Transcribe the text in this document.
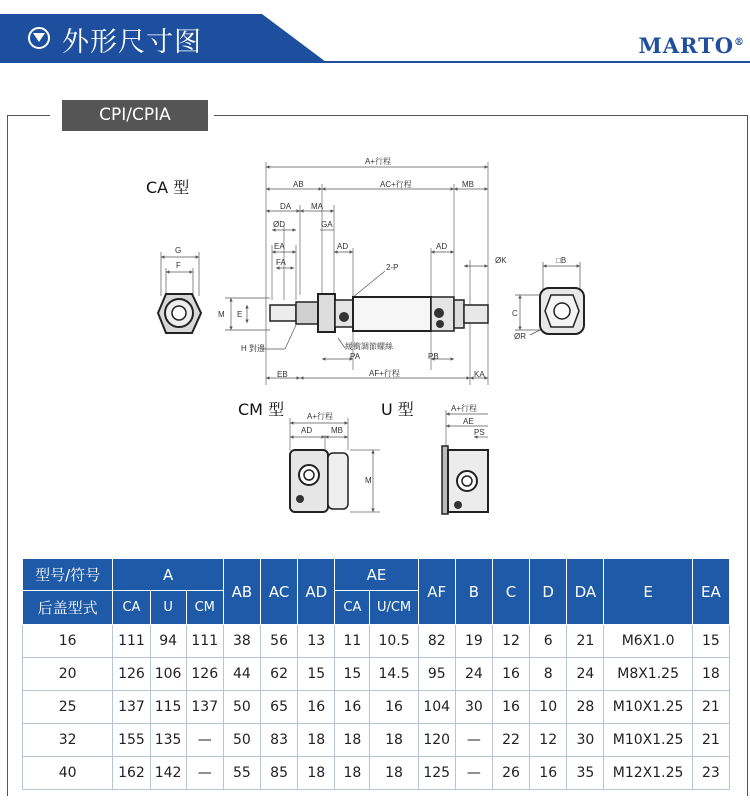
外形尺寸图	MARTO®
CPI/CPIA
CA 型
CM 型	U 型
A+行程
AB	AC+行程	MB
DA MA
ØD	GA
EA	AD	AD
FA
2-P
ØK	□B
G
F
M E	C
ØR
H 對邊	緩衝調節螺絲
PA	PB
EB	AF+行程	KA
A+行程
AD MB
M
A+行程
AE
PS
型号/符号	A			AB	AC	AD	AE		AF	B	C	D	DA	E	EA
后盖型式	CA	U	CM				CA	U/CM							
16	111	94	111	38	56	13	11	10.5	82	19	12	6	21	M6X1.0	15
20	126	106	126	44	62	15	15	14.5	95	24	16	8	24	M8X1.25	18
25	137	115	137	50	65	16	16	16	104	30	16	10	28	M10X1.25	21
32	155	135	—	50	83	18	18	18	120	—	22	12	30	M10X1.25	21
40	162	142	—	55	85	18	18	18	125	—	26	16	35	M12X1.25	23
